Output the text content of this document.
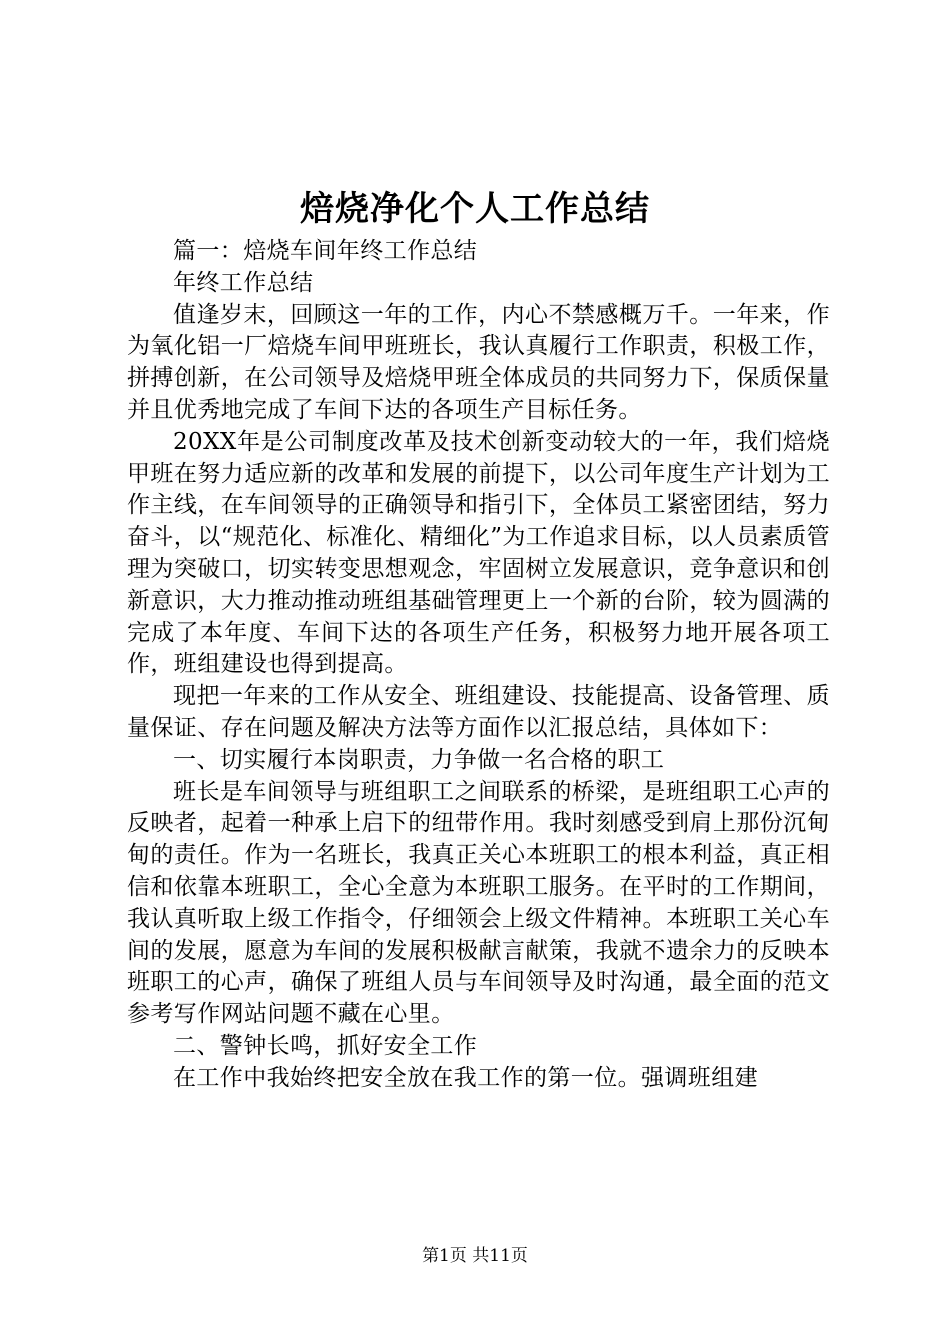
焙烧净化个人工作总结

篇一：焙烧车间年终工作总结

年终工作总结

值逢岁末，回顾这一年的工作，内心不禁感概万千。一年来，作为氧化铝一厂焙烧车间甲班班长，我认真履行工作职责，积极工作，拼搏创新，在公司领导及焙烧甲班全体成员的共同努力下，保质保量并且优秀地完成了车间下达的各项生产目标任务。

20XX年是公司制度改革及技术创新变动较大的一年，我们焙烧甲班在努力适应新的改革和发展的前提下，以公司年度生产计划为工作主线，在车间领导的正确领导和指引下，全体员工紧密团结，努力奋斗，以“规范化、标准化、精细化”为工作追求目标，以人员素质管理为突破口，切实转变思想观念，牢固树立发展意识，竞争意识和创新意识，大力推动推动班组基础管理更上一个新的台阶，较为圆满的完成了本年度、车间下达的各项生产任务，积极努力地开展各项工作，班组建设也得到提高。

现把一年来的工作从安全、班组建设、技能提高、设备管理、质量保证、存在问题及解决方法等方面作以汇报总结，具体如下：

一、切实履行本岗职责，力争做一名合格的职工

班长是车间领导与班组职工之间联系的桥梁，是班组职工心声的反映者，起着一种承上启下的纽带作用。我时刻感受到肩上那份沉甸甸的责任。作为一名班长，我真正关心本班职工的根本利益，真正相信和依靠本班职工，全心全意为本班职工服务。在平时的工作期间，我认真听取上级工作指令，仔细领会上级文件精神。本班职工关心车间的发展，愿意为车间的发展积极献言献策，我就不遗余力的反映本班职工的心声，确保了班组人员与车间领导及时沟通，最全面的范文参考写作网站问题不藏在心里。

二、警钟长鸣，抓好安全工作

在工作中我始终把安全放在我工作的第一位。强调班组建

第1页 共11页
